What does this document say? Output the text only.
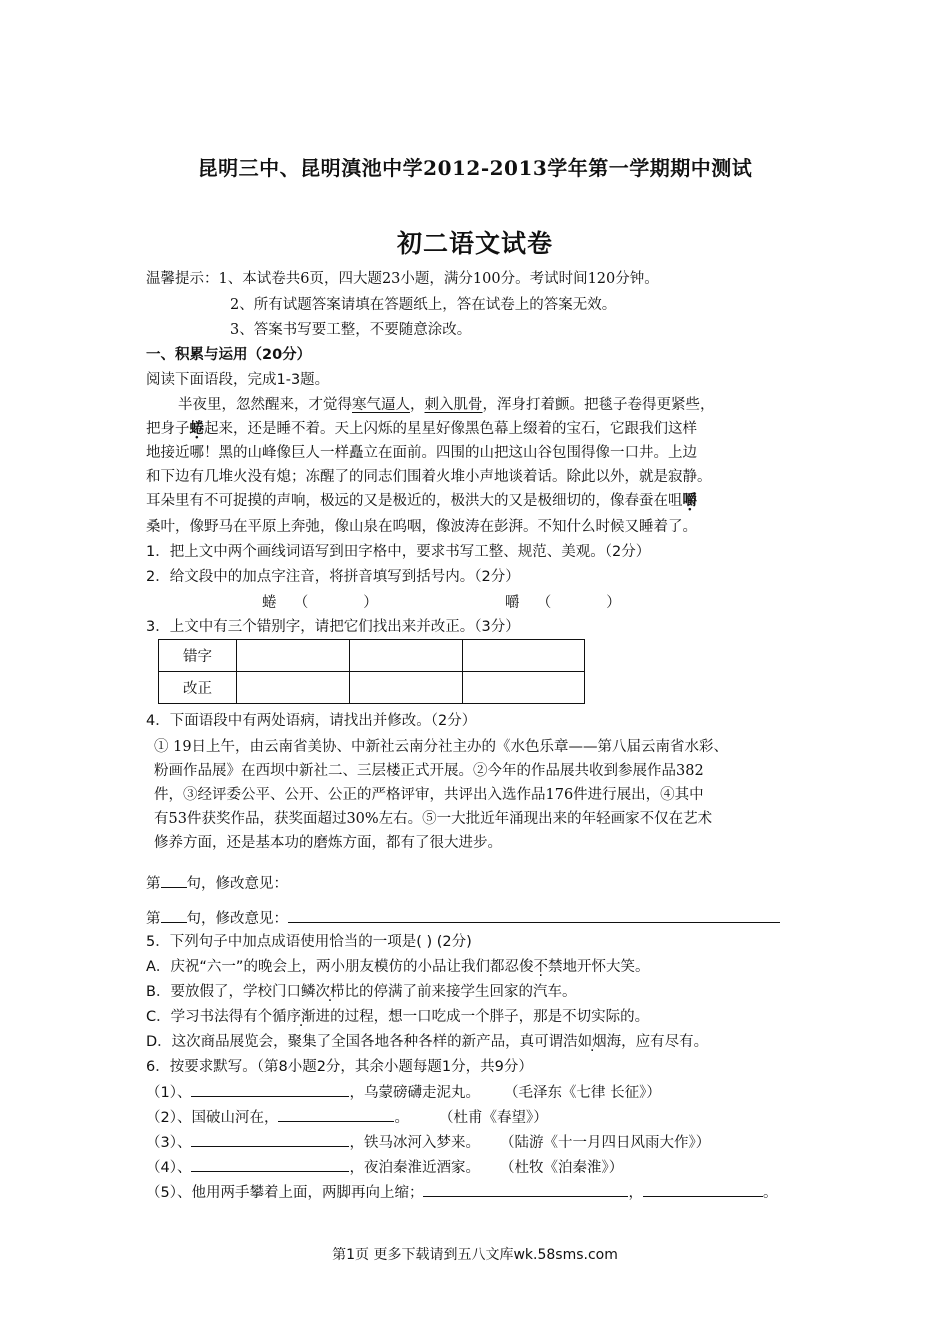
昆明三中、昆明滇池中学2012-2013学年第一学期期中测试
初二语文试卷
温馨提示：1、本试卷共6页，四大题23小题，满分100分。考试时间120分钟。
2、所有试题答案请填在答题纸上，答在试卷上的答案无效。
3、答案书写要工整，不要随意涂改。
一、积累与运用（20分）
阅读下面语段，完成1-3题。
半夜里，忽然醒来，才觉得寒气逼人，刺入肌骨，浑身打着颤。把毯子卷得更紧些，
把身子蜷起来，还是睡不着。天上闪烁的星星好像黑色幕上缀着的宝石，它跟我们这样
地接近哪！黑的山峰像巨人一样矗立在面前。四围的山把这山谷包围得像一口井。上边
和下边有几堆火没有熄；冻醒了的同志们围着火堆小声地谈着话。除此以外，就是寂静。
耳朵里有不可捉摸的声响，极远的又是极近的，极洪大的又是极细切的，像春蚕在咀嚼
桑叶，像野马在平原上奔弛，像山泉在呜咽，像波涛在彭湃。不知什么时候又睡着了。
1．把上文中两个画线词语写到田字格中，要求书写工整、规范、美观。（2分）
2．给文段中的加点字注音，将拼音填写到括号内。（2分）
蜷 （	）	嚼 （	）
3．上文中有三个错别字，请把它们找出来并改正。（3分）
错字			
改正			
4．下面语段中有两处语病，请找出并修改。（2分）
① 19日上午，由云南省美协、中新社云南分社主办的《水色乐章——第八届云南省水彩、
粉画作品展》在西坝中新社二、三层楼正式开展。②今年的作品展共收到参展作品382
件，③经评委公平、公开、公正的严格评审，共评出入选作品176件进行展出，④其中
有53件获奖作品，获奖面超过30%左右。⑤一大批近年涌现出来的年轻画家不仅在艺术
修养方面，还是基本功的磨炼方面，都有了很大进步。
第 句，修改意见：
第 句，修改意见：
5．下列句子中加点成语使用恰当的一项是( ) (2分)
A．庆祝“六一”的晚会上，两小朋友模仿的小品让我们都忍俊不禁地开怀大笑。
B．要放假了，学校门口鳞次栉比的停满了前来接学生回家的汽车。
C．学习书法得有个循序渐进的过程，想一口吃成一个胖子，那是不切实际的。
D．这次商品展览会，聚集了全国各地各种各样的新产品，真可谓浩如烟海，应有尽有。
6．按要求默写。（第8小题2分，其余小题每题1分，共9分）
（1）、	，乌蒙磅礴走泥丸。 （毛泽东《七律 长征》）
（2）、国破山河在，	。 （杜甫《春望》）
（3）、	，铁马冰河入梦来。 （陆游《十一月四日风雨大作》）
（4）、	，夜泊秦淮近酒家。 （杜牧《泊秦淮》）
（5）、他用两手攀着上面，两脚再向上缩；	，	。
第1页 更多下载请到五八文库wk.58sms.com
